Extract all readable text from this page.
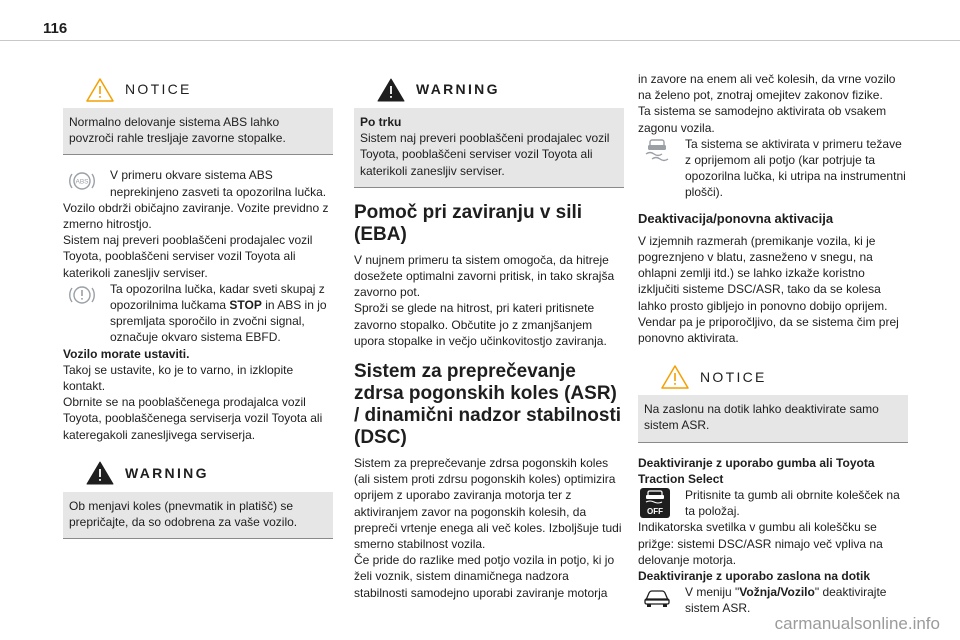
116
NOTICE
Normalno delovanje sistema ABS lahko povzroči rahle tresljaje zavorne stopalke.
ABS V primeru okvare sistema ABS neprekinjeno zasveti ta opozorilna lučka.
Vozilo obdrži običajno zaviranje. Vozite previdno z zmerno hitrostjo.
Sistem naj preveri pooblaščeni prodajalec vozil Toyota, pooblaščeni serviser vozil Toyota ali katerikoli zanesljiv serviser.
Ta opozorilna lučka, kadar sveti skupaj z opozorilnima lučkama STOP in ABS in jo spremljata sporočilo in zvočni signal, označuje okvaro sistema EBFD.
Vozilo morate ustaviti.
Takoj se ustavite, ko je to varno, in izklopite kontakt.
Obrnite se na pooblaščenega prodajalca vozil Toyota, pooblaščenega serviserja vozil Toyota ali kateregakoli zanesljivega serviserja.
WARNING
Ob menjavi koles (pnevmatik in platišč) se prepričajte, da so odobrena za vaše vozilo.
WARNING
Po trku
Sistem naj preveri pooblaščeni prodajalec vozil Toyota, pooblaščeni serviser vozil Toyota ali katerikoli zanesljiv serviser.
Pomoč pri zaviranju v sili (EBA)
V nujnem primeru ta sistem omogoča, da hitreje dosežete optimalni zavorni pritisk, in tako skrajša zavorno pot.
Sproži se glede na hitrost, pri kateri pritisnete zavorno stopalko. Občutite jo z zmanjšanjem upora stopalke in večjo učinkovitostjo zaviranja.
Sistem za preprečevanje zdrsa pogonskih koles (ASR) / dinamični nadzor stabilnosti (DSC)
Sistem za preprečevanje zdrsa pogonskih koles (ali sistem proti zdrsu pogonskih koles) optimizira oprijem z uporabo zaviranja motorja ter z aktiviranjem zavor na pogonskih kolesih, da prepreči vrtenje enega ali več koles. Izboljšuje tudi smerno stabilnost vozila.
Če pride do razlike med potjo vozila in potjo, ki jo želi voznik, sistem dinamičnega nadzora stabilnosti samodejno uporabi zaviranje motorja
in zavore na enem ali več kolesih, da vrne vozilo na želeno pot, znotraj omejitev zakonov fizike.
Ta sistema se samodejno aktivirata ob vsakem zagonu vozila.
Ta sistema se aktivirata v primeru težave z oprijemom ali potjo (kar potrjuje ta opozorilna lučka, ki utripa na instrumentni plošči).
Deaktivacija/ponovna aktivacija
V izjemnih razmerah (premikanje vozila, ki je pogreznjeno v blatu, zasneženo v snegu, na ohlapni zemlji itd.) se lahko izkaže koristno izključiti sisteme DSC/ASR, tako da se kolesa lahko prosto gibljejo in ponovno dobijo oprijem.
Vendar pa je priporočljivo, da se sistema čim prej ponovno aktivirata.
NOTICE
Na zaslonu na dotik lahko deaktivirate samo sistem ASR.
Deaktiviranje z uporabo gumba ali Toyota Traction Select
OFF
Pritisnite ta gumb ali obrnite kolešček na ta položaj.
Indikatorska svetilka v gumbu ali koleščku se prižge: sistemi DSC/ASR nimajo več vpliva na delovanje motorja.
Deaktiviranje z uporabo zaslona na dotik
V meniju "Vožnja/Vozilo" deaktivirajte sistem ASR.
carmanualsonline.info
